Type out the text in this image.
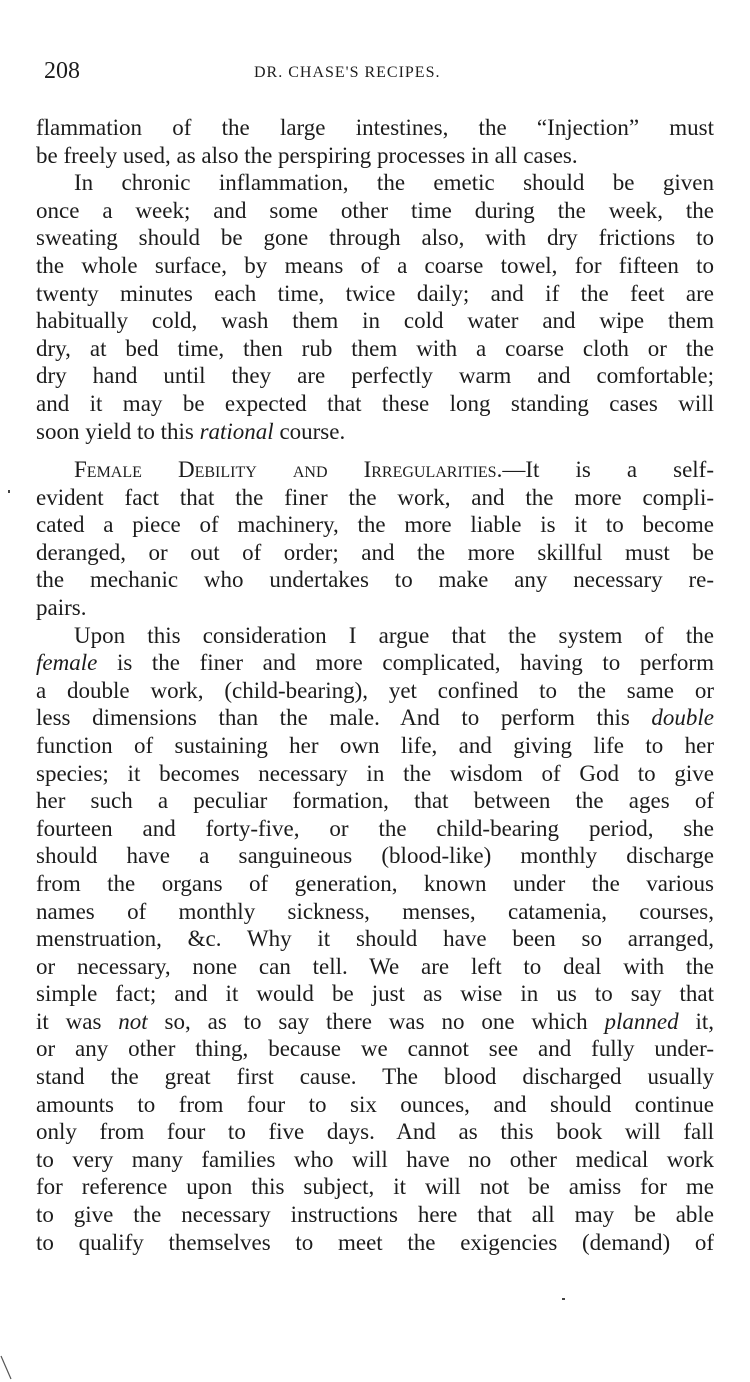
208	DR. CHASE'S RECIPES.
flammation of the large intestines, the “Injection” must
be freely used, as also the perspiring processes in all cases.
In chronic inflammation, the emetic should be given
once a week; and some other time during the week, the
sweating should be gone through also, with dry frictions to
the whole surface, by means of a coarse towel, for fifteen to
twenty minutes each time, twice daily; and if the feet are
habitually cold, wash them in cold water and wipe them
dry, at bed time, then rub them with a coarse cloth or the
dry hand until they are perfectly warm and comfortable;
and it may be expected that these long standing cases will
soon yield to this rational course.
Female Debility and Irregularities.—It is a self-
evident fact that the finer the work, and the more compli-
cated a piece of machinery, the more liable is it to become
deranged, or out of order; and the more skillful must be
the mechanic who undertakes to make any necessary re-
pairs.
Upon this consideration I argue that the system of the
female is the finer and more complicated, having to perform
a double work, (child-bearing), yet confined to the same or
less dimensions than the male. And to perform this double
function of sustaining her own life, and giving life to her
species; it becomes necessary in the wisdom of God to give
her such a peculiar formation, that between the ages of
fourteen and forty-five, or the child-bearing period, she
should have a sanguineous (blood-like) monthly discharge
from the organs of generation, known under the various
names of monthly sickness, menses, catamenia, courses,
menstruation, &c. Why it should have been so arranged,
or necessary, none can tell. We are left to deal with the
simple fact; and it would be just as wise in us to say that
it was not so, as to say there was no one which planned it,
or any other thing, because we cannot see and fully under-
stand the great first cause. The blood discharged usually
amounts to from four to six ounces, and should continue
only from four to five days. And as this book will fall
to very many families who will have no other medical work
for reference upon this subject, it will not be amiss for me
to give the necessary instructions here that all may be able
to qualify themselves to meet the exigencies (demand) of
